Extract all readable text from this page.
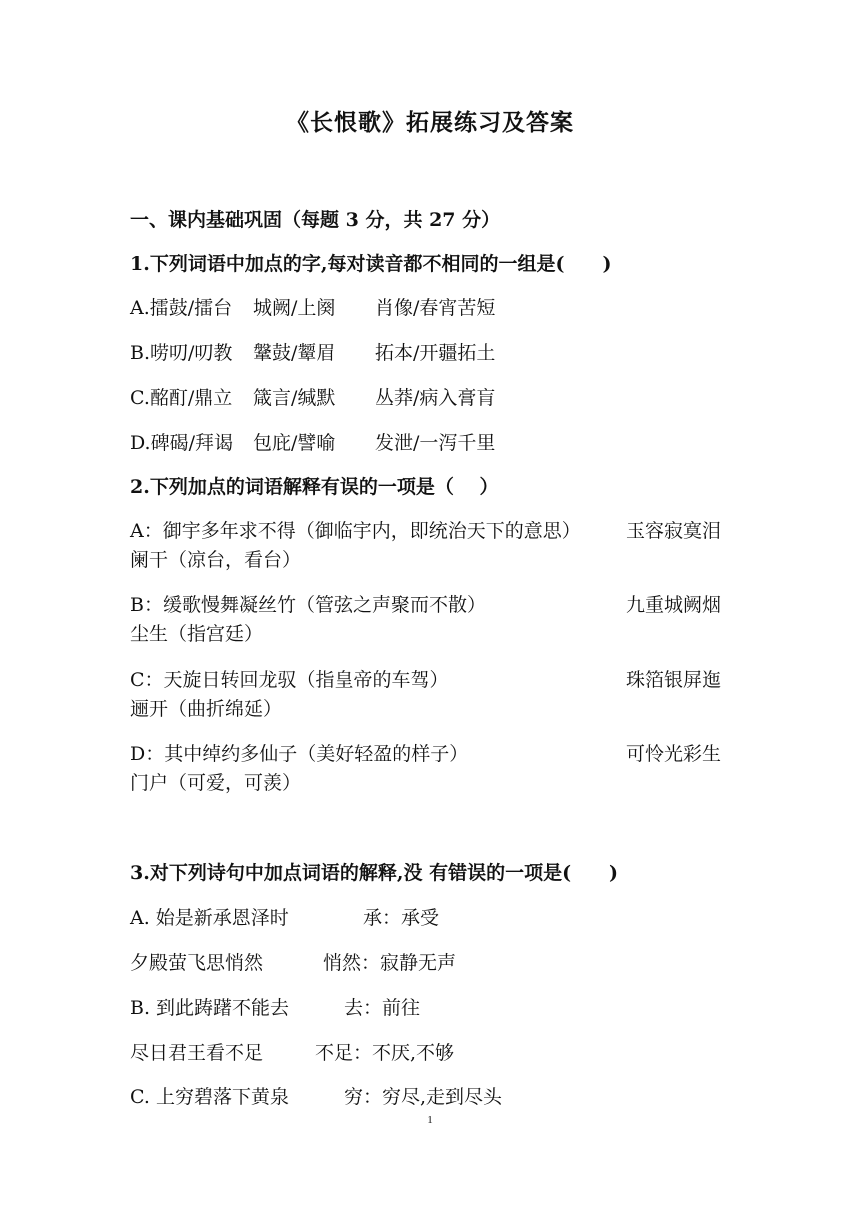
《长恨歌》拓展练习及答案
一、课内基础巩固（每题 3 分，共 27 分）
1.下列词语中加点的字,每对读音都不相同的一组是(　　)
A.擂鼓/擂台 城阙/上阕 肖像/春宵苦短
B.唠叨/叨教 鞶鼓/颦眉 拓本/开疆拓土
C.酩酊/鼎立 箴言/缄默 丛莽/病入膏肓
D.碑碣/拜谒 包庇/譬喻 发泄/一泻千里
2.下列加点的词语解释有误的一项是（　 ）
A：御宇多年求不得（御临宇内，即统治天下的意思） 玉容寂寞泪
阑干（凉台，看台）
B：缓歌慢舞凝丝竹（管弦之声聚而不散）	九重城阙烟
尘生（指宫廷）
C：天旋日转回龙驭（指皇帝的车驾）	珠箔银屏迤
逦开（曲折绵延）
D：其中绰约多仙子（美好轻盈的样子）	可怜光彩生
门户（可爱，可羡）
3.对下列诗句中加点词语的解释,没 有错误的一项是(　　)
A. 始是新承恩泽时	承：承受
夕殿萤飞思悄然	悄然：寂静无声
B. 到此踌躇不能去	去：前往
尽日君王看不足	不足：不厌,不够
C. 上穷碧落下黄泉	穷：穷尽,走到尽头
1
